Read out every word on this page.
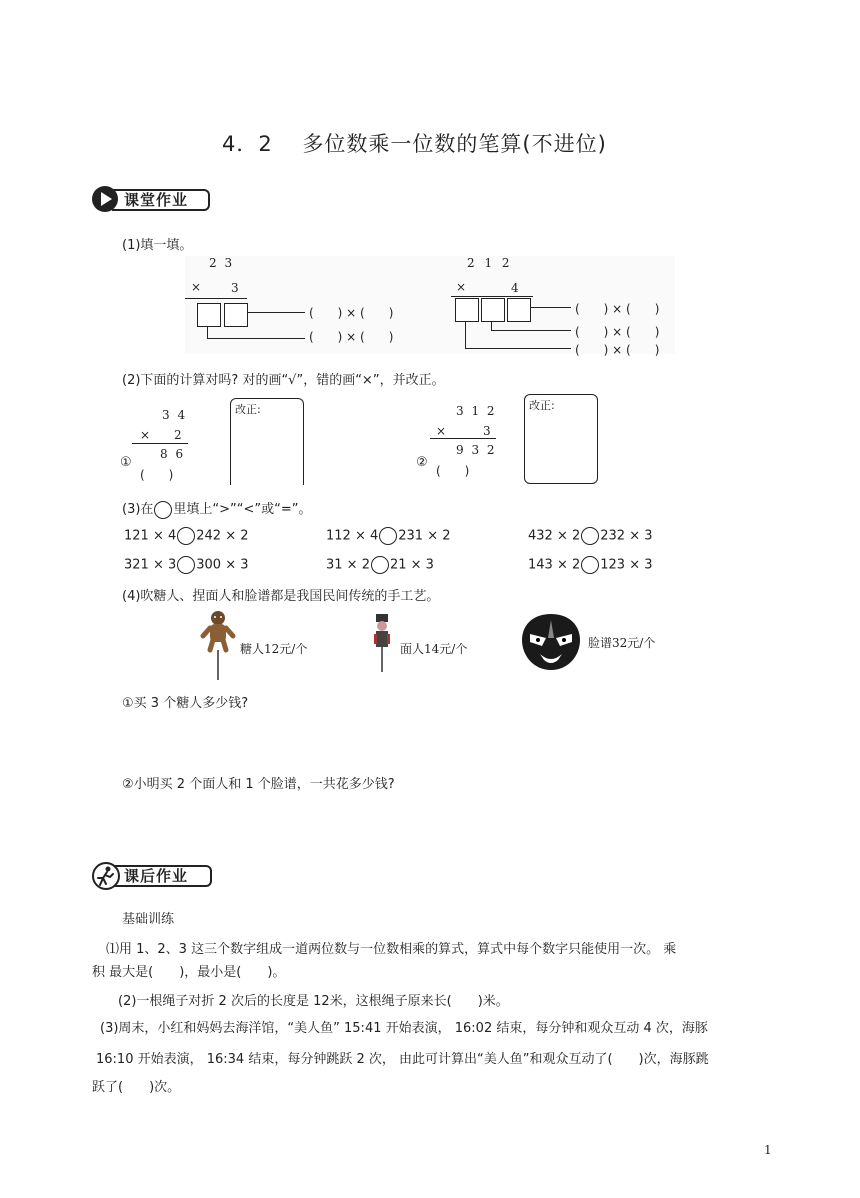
4．2　 多位数乘一位数的笔算(不进位)
课堂作业
(1)填一填。
2 3
× 3
(　　) × (　　)
(　　) × (　　)
2 1 2
×	4
(　　) × (　　)
(　　) × (　　)
(　　) × (　　)
(2)下面的计算对吗? 对的画“√”，错的画“×”，并改正。
①
3 4
× 2
8 6
(　　)
改正:
②
3 1 2
×	3
9 3 2
(　　)
改正:
(3)在 里填上“>”“<”或“=”。
121 × 4 242 × 2	112 × 4 231 × 2	432 × 2 232 × 3
321 × 3 300 × 3	31 × 2 21 × 3	143 × 2 123 × 3
(4)吹糖人、捏面人和脸谱都是我国民间传统的手工艺。
糖人12元/个	面人14元/个	脸谱32元/个
①买 3 个糖人多少钱?
②小明买 2 个面人和 1 个脸谱，一共花多少钱?
课后作业
基础训练
⑴用 1、2、3 这三个数字组成一道两位数与一位数相乘的算式，算式中每个数字只能使用一次。 乘
积 最大是(　　)，最小是(　　)。
(2)一根绳子对折 2 次后的长度是 12米，这根绳子原来长(　　)米。
(3)周末，小红和妈妈去海洋馆，“美人鱼” 15:41 开始表演， 16:02 结束，每分钟和观众互动 4 次，海豚
16:10 开始表演， 16:34 结束，每分钟跳跃 2 次， 由此可计算出“美人鱼”和观众互动了(　　)次，海豚跳
跃了(　　)次。
1
